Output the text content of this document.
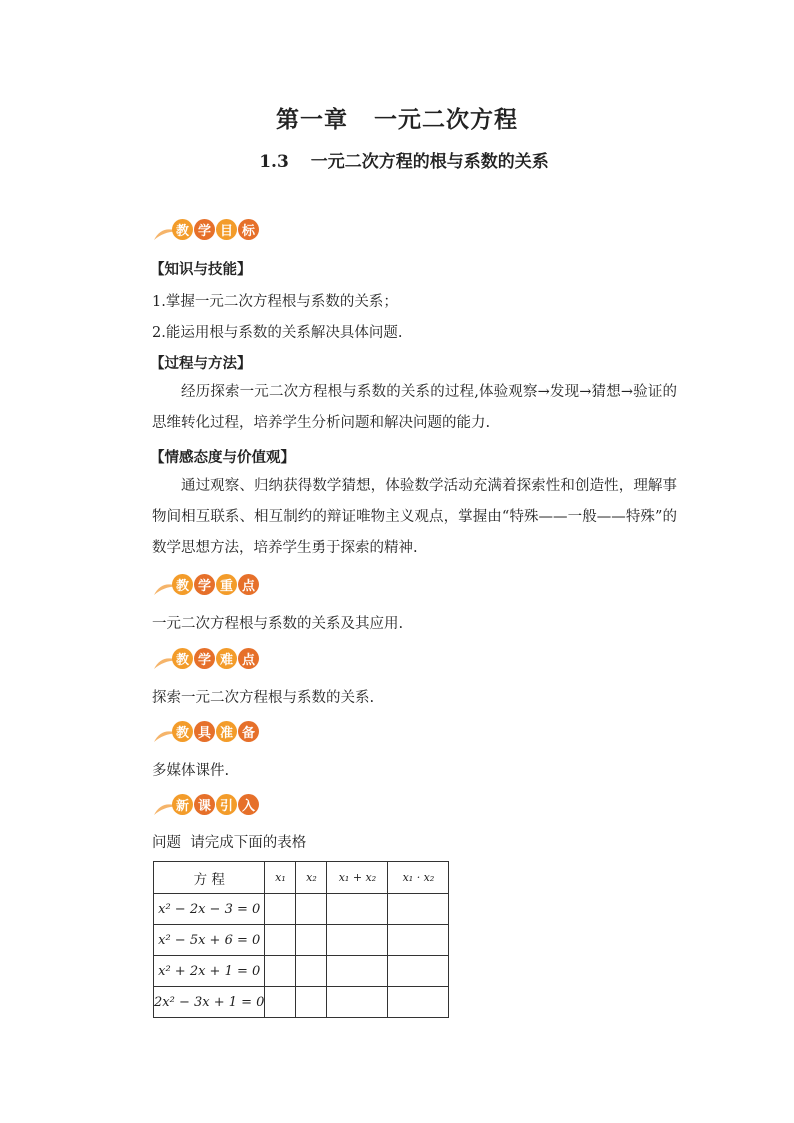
第一章 一元二次方程
1.3 一元二次方程的根与系数的关系
教 学 目 标
【知识与技能】
1.掌握一元二次方程根与系数的关系；
2.能运用根与系数的关系解决具体问题.
【过程与方法】
经历探索一元二次方程根与系数的关系的过程,体验观察→发现→猜想→验证的思维转化过程，培养学生分析问题和解决问题的能力.
【情感态度与价值观】
通过观察、归纳获得数学猜想，体验数学活动充满着探索性和创造性，理解事物间相互联系、相互制约的辩证唯物主义观点，掌握由“特殊——一般——特殊”的数学思想方法，培养学生勇于探索的精神.
教 学 重 点
一元二次方程根与系数的关系及其应用.
教 学 难 点
探索一元二次方程根与系数的关系.
教 具 准 备
多媒体课件.
新 课 引 入
问题 请完成下面的表格
方 程	x₁	x₂	x₁ + x₂	x₁ · x₂
x² − 2x − 3 = 0				
x² − 5x + 6 = 0				
x² + 2x + 1 = 0				
2x² − 3x + 1 = 0				
